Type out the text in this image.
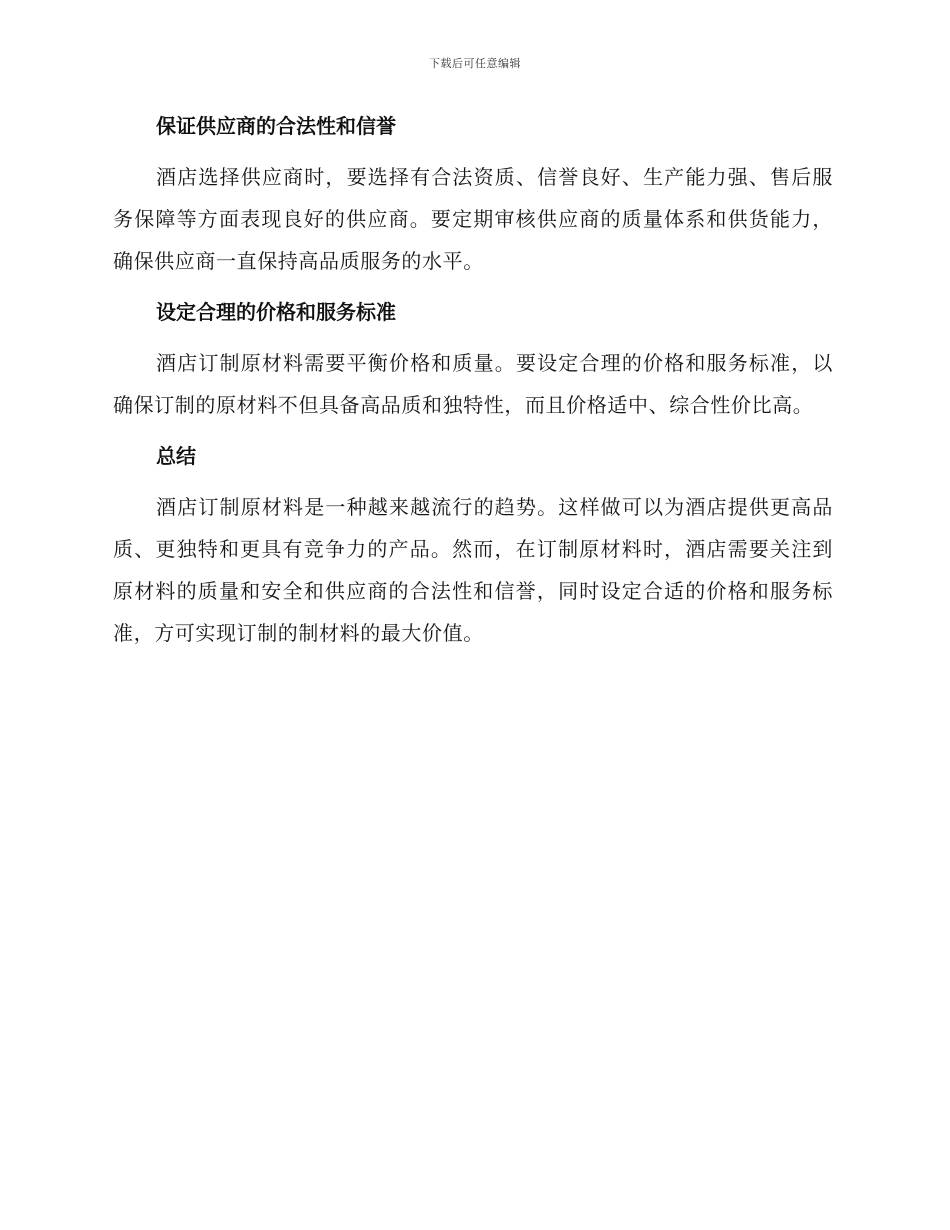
下载后可任意编辑

保证供应商的合法性和信誉

酒店选择供应商时，要选择有合法资质、信誉良好、生产能力强、售后服务保障等方面表现良好的供应商。要定期审核供应商的质量体系和供货能力，确保供应商一直保持高品质服务的水平。

设定合理的价格和服务标准

酒店订制原材料需要平衡价格和质量。要设定合理的价格和服务标准，以确保订制的原材料不但具备高品质和独特性，而且价格适中、综合性价比高。

总结

酒店订制原材料是一种越来越流行的趋势。这样做可以为酒店提供更高品质、更独特和更具有竞争力的产品。然而，在订制原材料时，酒店需要关注到原材料的质量和安全和供应商的合法性和信誉，同时设定合适的价格和服务标准，方可实现订制的制材料的最大价值。
